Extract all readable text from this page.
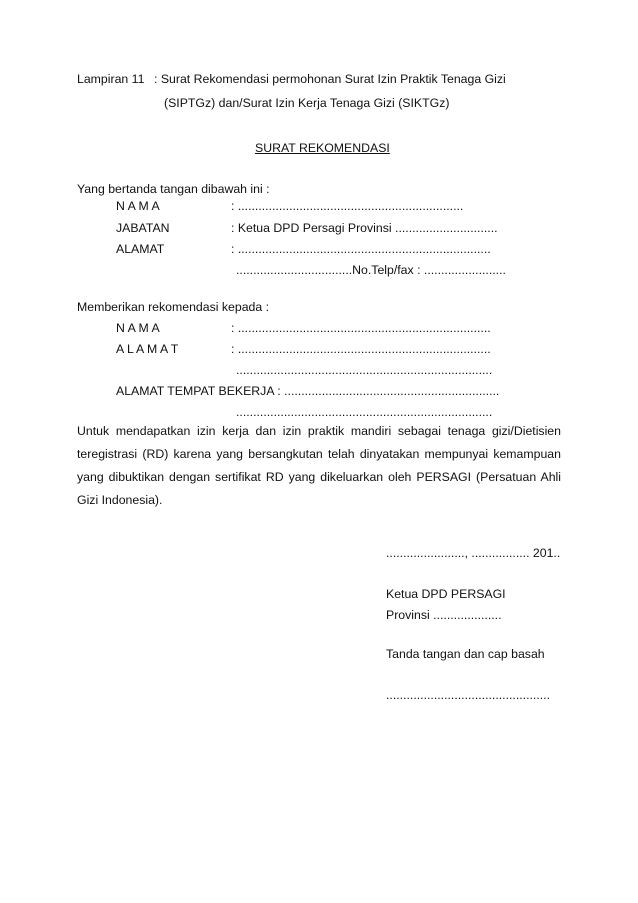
Lampiran 11 : Surat Rekomendasi permohonan Surat Izin Praktik Tenaga Gizi
(SIPTGz) dan/Surat Izin Kerja Tenaga Gizi (SIKTGz)
SURAT REKOMENDASI
Yang bertanda tangan dibawah ini :
N A M A	: ..................................................................
JABATAN	: Ketua DPD Persagi Provinsi ..............................
ALAMAT	: ..........................................................................
..................................No.Telp/fax : ........................
Memberikan rekomendasi kepada :
N A M A	: ..........................................................................
A L A M A T	: ..........................................................................
...........................................................................
ALAMAT TEMPAT BEKERJA : ...............................................................
...........................................................................

Untuk mendapatkan izin kerja dan izin praktik mandiri sebagai tenaga gizi/Dietisien teregistrasi (RD) karena yang bersangkutan telah dinyatakan mempunyai kemampuan yang dibuktikan dengan sertifikat RD yang dikeluarkan oleh PERSAGI (Persatuan Ahli Gizi Indonesia).

......................., ................. 201..
Ketua DPD PERSAGI
Provinsi ....................
Tanda tangan dan cap basah
................................................
